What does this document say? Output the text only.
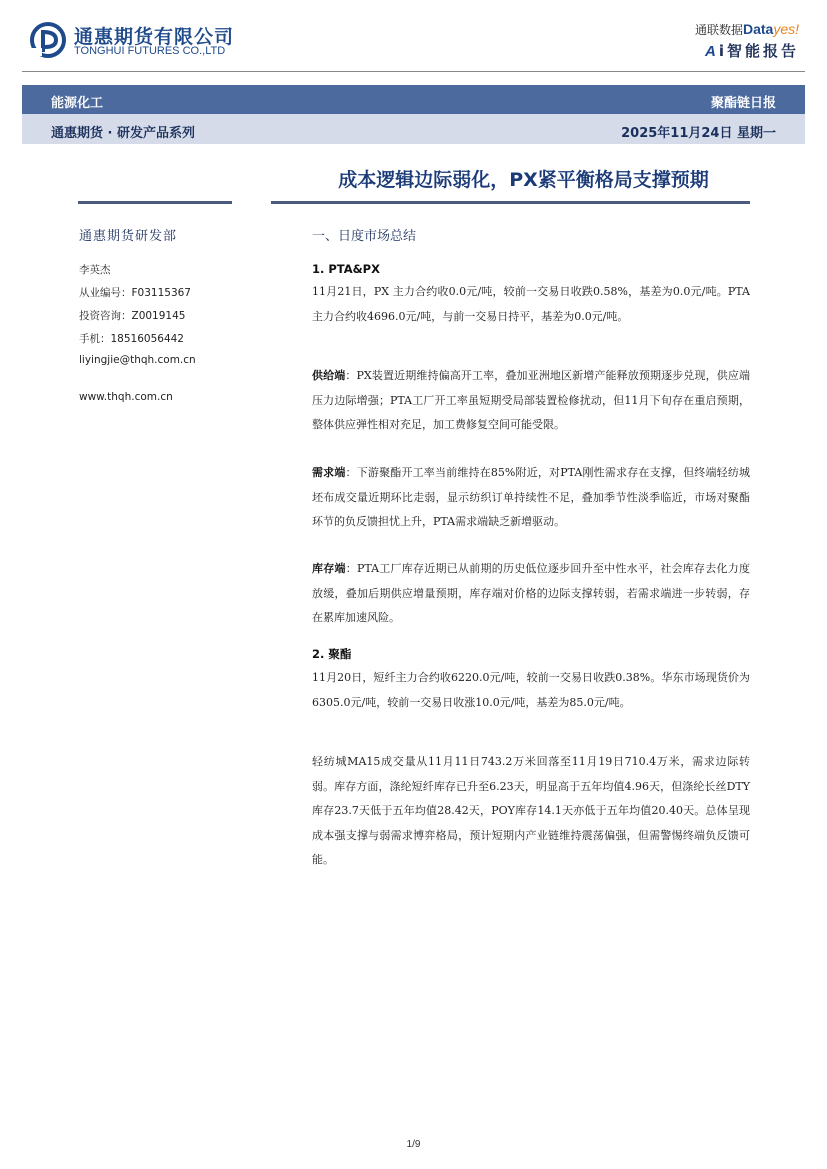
通惠期货有限公司
TONGHUI FUTURES CO.,LTD
通联数据Datayes!
Ai智能报告
能源化工	聚酯链日报
通惠期货 · 研发产品系列	2025年11月24日 星期一
成本逻辑边际弱化，PX紧平衡格局支撑预期
通惠期货研发部
李英杰
从业编号：F03115367
投资咨询：Z0019145
手机：18516056442
liyingjie@thqh.com.cn
www.thqh.com.cn
一、日度市场总结
1. PTA&PX

11月21日，PX 主力合约收0.0元/吨，较前一交易日收跌0.58%，基差为0.0元/吨。PTA 主力合约收4696.0元/吨，与前一交易日持平，基差为0.0元/吨。

供给端：PX装置近期维持偏高开工率，叠加亚洲地区新增产能释放预期逐步兑现，供应端压力边际增强；PTA工厂开工率虽短期受局部装置检修扰动，但11月下旬存在重启预期，整体供应弹性相对充足，加工费修复空间可能受限。

需求端：下游聚酯开工率当前维持在85%附近，对PTA刚性需求存在支撑，但终端轻纺城坯布成交量近期环比走弱，显示纺织订单持续性不足，叠加季节性淡季临近，市场对聚酯环节的负反馈担忧上升，PTA需求端缺乏新增驱动。

库存端：PTA工厂库存近期已从前期的历史低位逐步回升至中性水平，社会库存去化力度放缓，叠加后期供应增量预期，库存端对价格的边际支撑转弱，若需求端进一步转弱，存在累库加速风险。

2. 聚酯

11月20日，短纤主力合约收6220.0元/吨，较前一交易日收跌0.38%。华东市场现货价为6305.0元/吨，较前一交易日收涨10.0元/吨，基差为85.0元/吨。

轻纺城MA15成交量从11月11日743.2万米回落至11月19日710.4万米，需求边际转弱。库存方面，涤纶短纤库存已升至6.23天，明显高于五年均值4.96天，但涤纶长丝DTY库存23.7天低于五年均值28.42天，POY库存14.1天亦低于五年均值20.40天。总体呈现成本强支撑与弱需求博弈格局，预计短期内产业链维持震荡偏强，但需警惕终端负反馈可能。

1/9
